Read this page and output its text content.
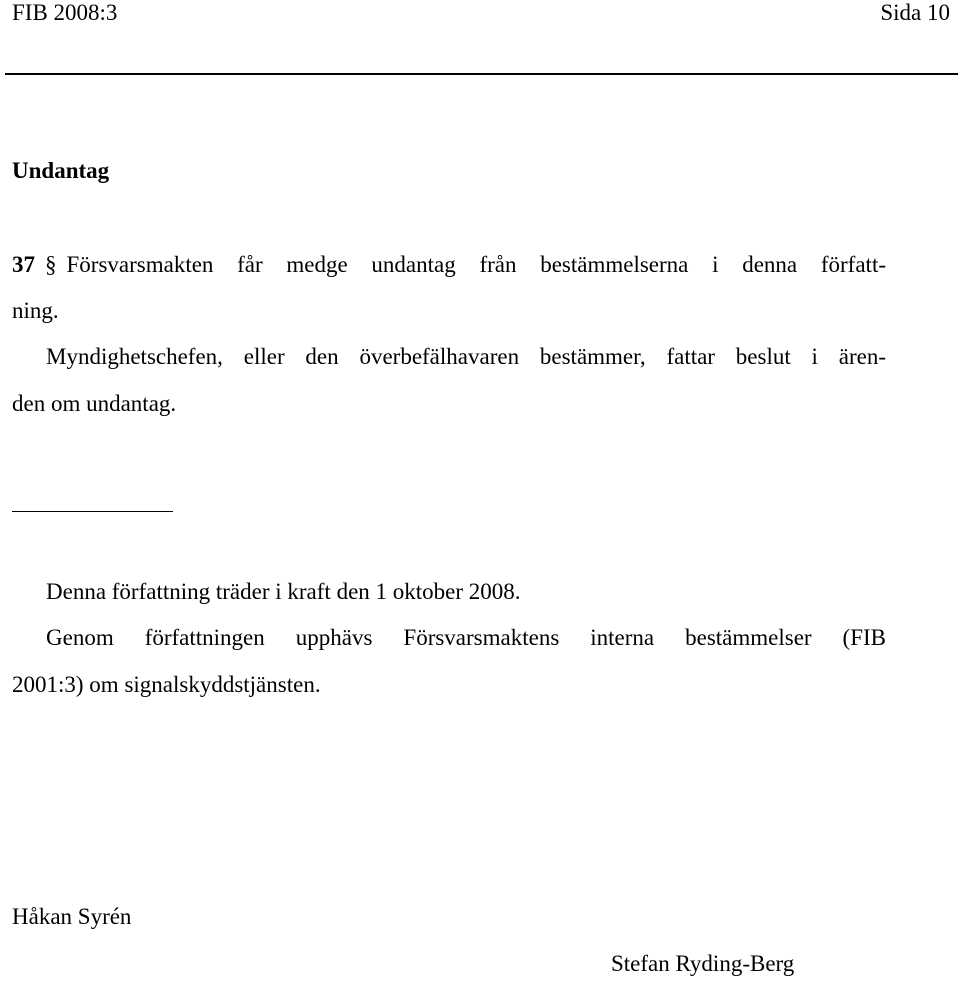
FIB 2008:3	Sida 10
Undantag
37 § Försvarsmakten får medge undantag från bestämmelserna i denna författ-
ning.
Myndighetschefen, eller den överbefälhavaren bestämmer, fattar beslut i ären-
den om undantag.
Denna författning träder i kraft den 1 oktober 2008.
Genom författningen upphävs Försvarsmaktens interna bestämmelser (FIB
2001:3) om signalskyddstjänsten.
Håkan Syrén
Stefan Ryding-Berg
